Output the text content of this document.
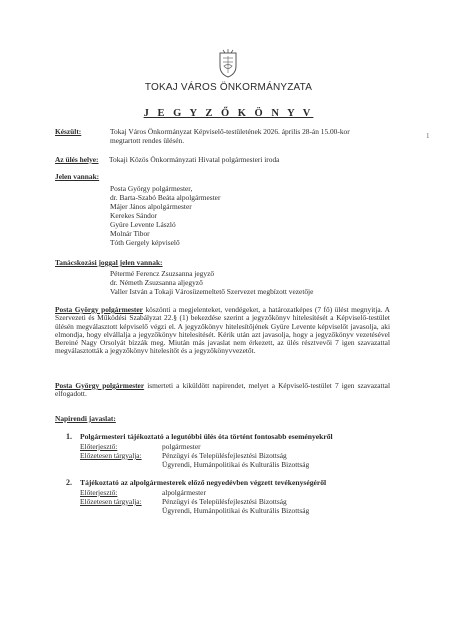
TOKAJ VÁROS ÖNKORMÁNYZATA
J E G Y Z Ő K Ö N Y V
1
Készült:	Tokaj Város Önkormányzat Képviselő-testületének 2026. április 28-án 15.00-kor
megtartott rendes ülésén.
Az ülés helye: Tokaji Közös Önkormányzati Hivatal polgármesteri iroda
Jelen vannak:
Posta György polgármester,
dr. Barta-Szabó Beáta alpolgármester
Májer János alpolgármester
Kerekes Sándor
Gyüre Levente László
Molnár Tibor
Tóth Gergely képviselő
Tanácskozási joggal jelen vannak:
Pétermé Ferencz Zsuzsanna jegyző
dr. Németh Zsuzsanna aljegyző
Valler István a Tokaji Városüzemeltető Szervezet megbízott vezetője
Posta György polgármester köszönti a megjelenteket, vendégeket, a határozatképes (7 fő) ülést megnyitja. A Szervezeti és Működési Szabályzat 22.§ (1) bekezdése szerint a jegyzőkönyv hitelesítését a Képviselő-testület ülésén megválasztott képviselő végzi el. A jegyzőkönyv hitelesítőjének Gyüre Levente képviselőt javasolja, aki elmondja, hogy elvállalja a jegyzőkönyv hitelesítését. Kérik után azt javasolja, hogy a jegyzőkönyv vezetésével Bereiné Nagy Orsolyát bízzák meg. Miután más javaslat nem érkezett, az ülés résztvevői 7 igen szavazattal megválasztották a jegyzőkönyv hitelesítőt és a jegyzőkönyvvezetőt.
Posta György polgármester ismerteti a kiküldött napirendet, melyet a Képviselő-testület 7 igen szavazattal elfogadott.
Napirendi javaslat:
1. Polgármesteri tájékoztató a legutóbbi ülés óta történt fontosabb eseményekről
Előterjesztő:	polgármester
Előzetesen tárgyalja:	Pénzügyi és Településfejlesztési Bizottság
Ügyrendi, Humánpolitikai és Kulturális Bizottság
2. Tájékoztató az alpolgármesterek előző negyedévben végzett tevékenységéről
Előterjesztő:	alpolgármester
Előzetesen tárgyalja:	Pénzügyi és Településfejlesztési Bizottság
Ügyrendi, Humánpolitikai és Kulturális Bizottság
